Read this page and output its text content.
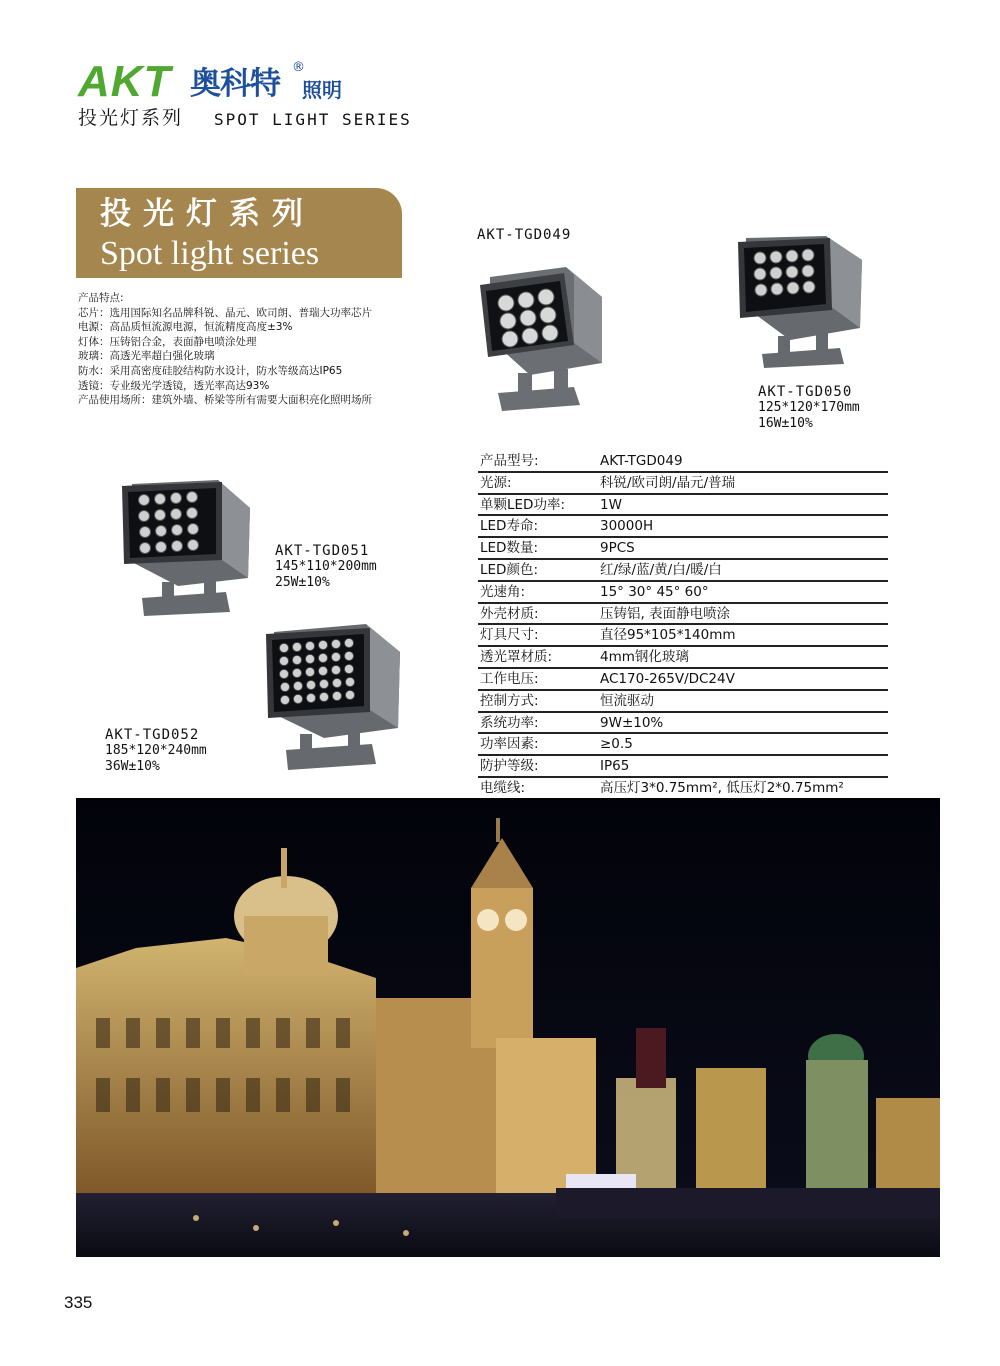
AKT 奥科特 ®
照明
投光灯系列 SPOT LIGHT SERIES
投光灯系列
Spot light series
产品特点:
芯片：选用国际知名品牌科锐、晶元、欧司朗、普瑞大功率芯片
电源：高品质恒流源电源，恒流精度高度±3%
灯体：压铸铝合金，表面静电喷涂处理
玻璃：高透光率超白强化玻璃
防水：采用高密度硅胶结构防水设计，防水等级高达IP65
透镜：专业级光学透镜，透光率高达93%
产品使用场所：建筑外墙、桥梁等所有需要大面积亮化照明场所
AKT-TGD049
AKT-TGD050
125*120*170mm
16W±10%
AKT-TGD051
145*110*200mm
25W±10%
AKT-TGD052
185*120*240mm
36W±10%
产品型号:	AKT-TGD049
光源:	科锐/欧司朗/晶元/普瑞
单颗LED功率:	1W
LED寿命:	30000H
LED数量:	9PCS
LED颜色:	红/绿/蓝/黄/白/暖/白
光速角:	15° 30° 45° 60°
外壳材质:	压铸铝, 表面静电喷涂
灯具尺寸:	直径95*105*140mm
透光罩材质:	4mm钢化玻璃
工作电压:	AC170-265V/DC24V
控制方式:	恒流驱动
系统功率:	9W±10%
功率因素:	≥0.5
防护等级:	IP65
电缆线:	高压灯3*0.75mm², 低压灯2*0.75mm²
335
